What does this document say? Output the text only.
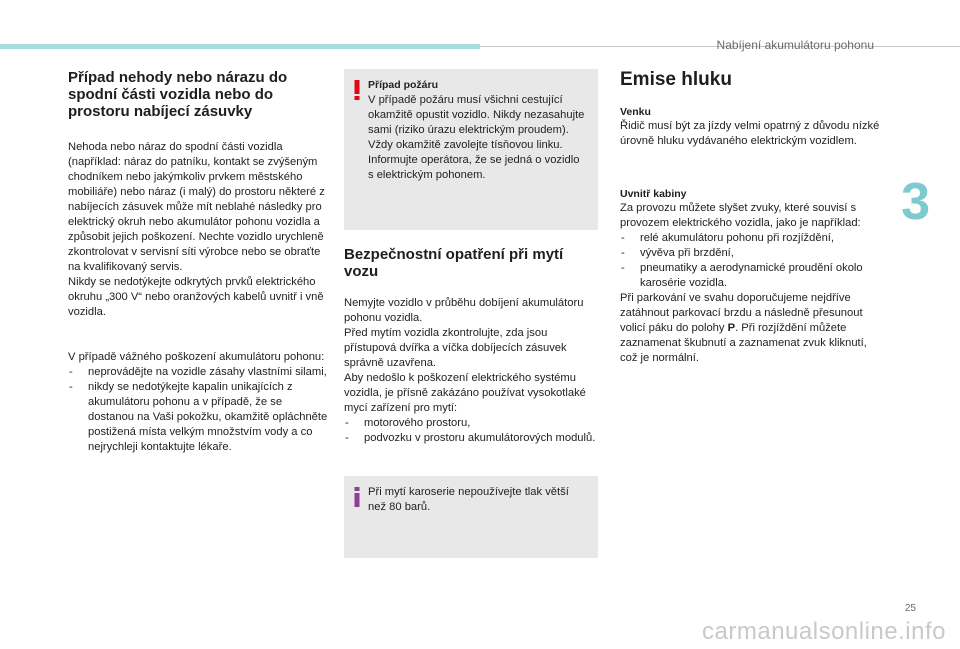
Nabíjení akumulátoru pohonu
3
25
carmanualsonline.info
Případ nehody nebo nárazu do spodní části vozidla nebo do prostoru nabíjecí zásuvky

Nehoda nebo náraz do spodní části vozidla (například: náraz do patníku, kontakt se zvýšeným chodníkem nebo jakýmkoliv prvkem městského mobiliáře) nebo náraz (i malý) do prostoru některé z nabíjecích zásuvek může mít neblahé následky pro elektrický okruh nebo akumulátor pohonu vozidla a způsobit jejich poškození. Nechte vozidlo urychleně zkontrolovat v servisní síti výrobce nebo se obraťte na kvalifikovaný servis.

Nikdy se nedotýkejte odkrytých prvků elektrického okruhu „300 V“ nebo oranžových kabelů uvnitř i vně vozidla.

V případě vážného poškození akumulátoru pohonu:

- neprovádějte na vozidle zásahy vlastními silami,
- nikdy se nedotýkejte kapalin unikajících z akumulátoru pohonu a v případě, že se dostanou na Vaši pokožku, okamžitě opláchněte postižená místa velkým množstvím vody a co nejrychleji kontaktujte lékaře.
Případ požáru

V případě požáru musí všichni cestující okamžitě opustit vozidlo. Nikdy nezasahujte sami (riziko úrazu elektrickým proudem). Vždy okamžitě zavolejte tísňovou linku. Informujte operátora, že se jedná o vozidlo s elektrickým pohonem.

Bezpečnostní opatření při mytí vozu

Nemyjte vozidlo v průběhu dobíjení akumulátoru pohonu vozidla.

Před mytím vozidla zkontrolujte, zda jsou přístupová dvířka a víčka dobíjecích zásuvek správně uzavřena.

Aby nedošlo k poškození elektrického systému vozidla, je přísně zakázáno používat vysokotlaké mycí zařízení pro mytí:

- motorového prostoru,
- podvozku v prostoru akumulátorových modulů.

Při mytí karoserie nepoužívejte tlak větší než 80 barů.

Emise hluku
Venku

Řidič musí být za jízdy velmi opatrný z důvodu nízké úrovně hluku vydávaného elektrickým vozidlem.

Uvnitř kabiny

Za provozu můžete slyšet zvuky, které souvisí s provozem elektrického vozidla, jako je například:

- relé akumulátoru pohonu při rozjíždění,
- vývěva při brzdění,
- pneumatiky a aerodynamické proudění okolo karosérie vozidla.

Při parkování ve svahu doporučujeme nejdříve zatáhnout parkovací brzdu a následně přesunout volicí páku do polohy P. Při rozjíždění můžete zaznamenat škubnutí a zaznamenat zvuk kliknutí, což je normální.
